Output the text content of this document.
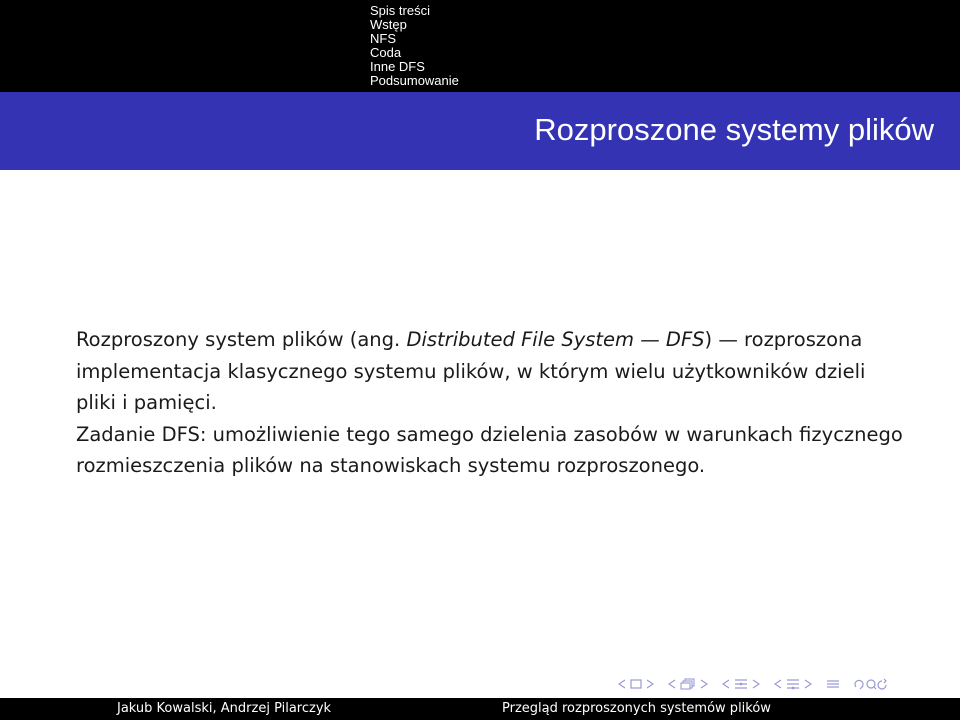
Spis treści
Wstęp
NFS
Coda
Inne DFS
Podsumowanie
Rozproszone systemy plików

Rozproszony system plików (ang. Distributed File System — DFS) — rozproszona implementacja klasycznego systemu plików, w którym wielu użytkowników dzieli pliki i pamięci.

Zadanie DFS: umożliwienie tego samego dzielenia zasobów w warunkach fizycznego rozmieszczenia plików na stanowiskach systemu rozproszonego.

Jakub Kowalski, Andrzej Pilarczyk	Przegląd rozproszonych systemów plików
